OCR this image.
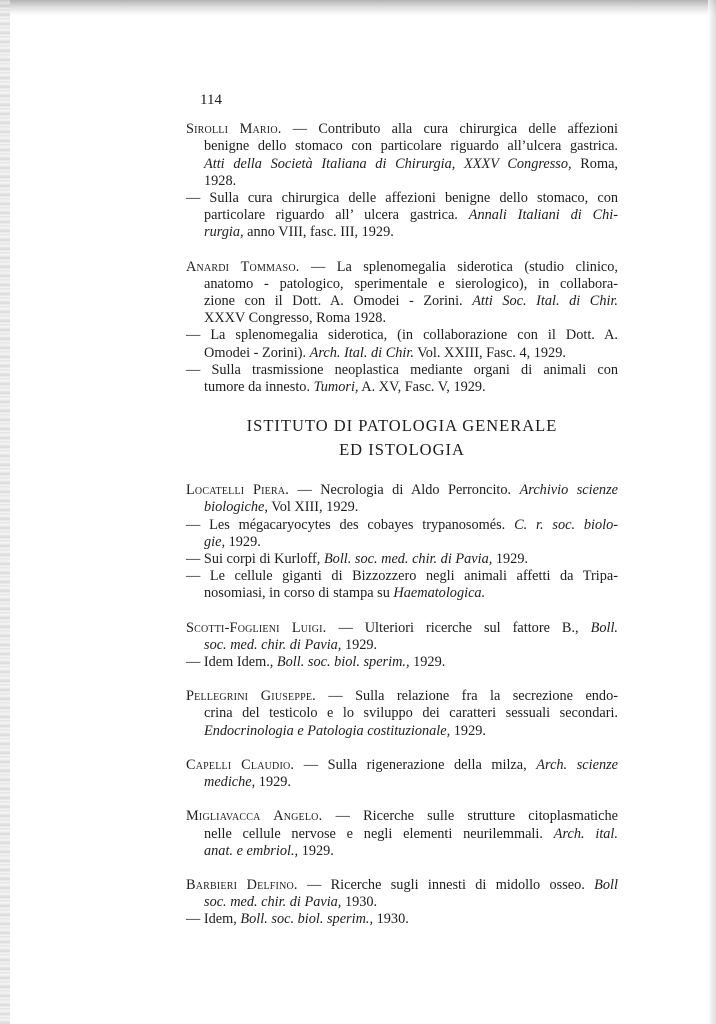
114
Sirolli Mario. — Contributo alla cura chirurgica delle affezioni
benigne dello stomaco con particolare riguardo all’ulcera gastrica.
Atti della Società Italiana di Chirurgia, XXXV Congresso, Roma,
1928.
— Sulla cura chirurgica delle affezioni benigne dello stomaco, con
particolare riguardo all’ ulcera gastrica. Annali Italiani di Chi-
rurgia, anno VIII, fasc. III, 1929.
Anardi Tommaso. — La splenomegalia siderotica (studio clinico,
anatomo - patologico, sperimentale e sierologico), in collabora-
zione con il Dott. A. Omodei - Zorini. Atti Soc. Ital. di Chir.
XXXV Congresso, Roma 1928.
— La splenomegalia siderotica, (in collaborazione con il Dott. A.
Omodei - Zorini). Arch. Ital. di Chir. Vol. XXIII, Fasc. 4, 1929.
— Sulla trasmissione neoplastica mediante organi di animali con
tumore da innesto. Tumori, A. XV, Fasc. V, 1929.
ISTITUTO DI PATOLOGIA GENERALE
ED ISTOLOGIA
Locatelli Piera. — Necrologia di Aldo Perroncito. Archivio scienze
biologiche, Vol XIII, 1929.
— Les mégacaryocytes des cobayes trypanosomés. C. r. soc. biolo-
gie, 1929.
— Sui corpi di Kurloff, Boll. soc. med. chir. di Pavia, 1929.
— Le cellule giganti di Bizzozzero negli animali affetti da Tripa-
nosomiasi, in corso di stampa su Haematologica.
Scotti-Foglieni Luigi. — Ulteriori ricerche sul fattore B., Boll.
soc. med. chir. di Pavia, 1929.
— Idem Idem., Boll. soc. biol. sperim., 1929.
Pellegrini Giuseppe. — Sulla relazione fra la secrezione endo-
crina del testicolo e lo sviluppo dei caratteri sessuali secondari.
Endocrinologia e Patologia costituzionale, 1929.
Capelli Claudio. — Sulla rigenerazione della milza, Arch. scienze
mediche, 1929.
Migliavacca Angelo. — Ricerche sulle strutture citoplasmatiche
nelle cellule nervose e negli elementi neurilemmali. Arch. ital.
anat. e embriol., 1929.
Barbieri Delfino. — Ricerche sugli innesti di midollo osseo. Boll
soc. med. chir. di Pavia, 1930.
— Idem, Boll. soc. biol. sperim., 1930.
